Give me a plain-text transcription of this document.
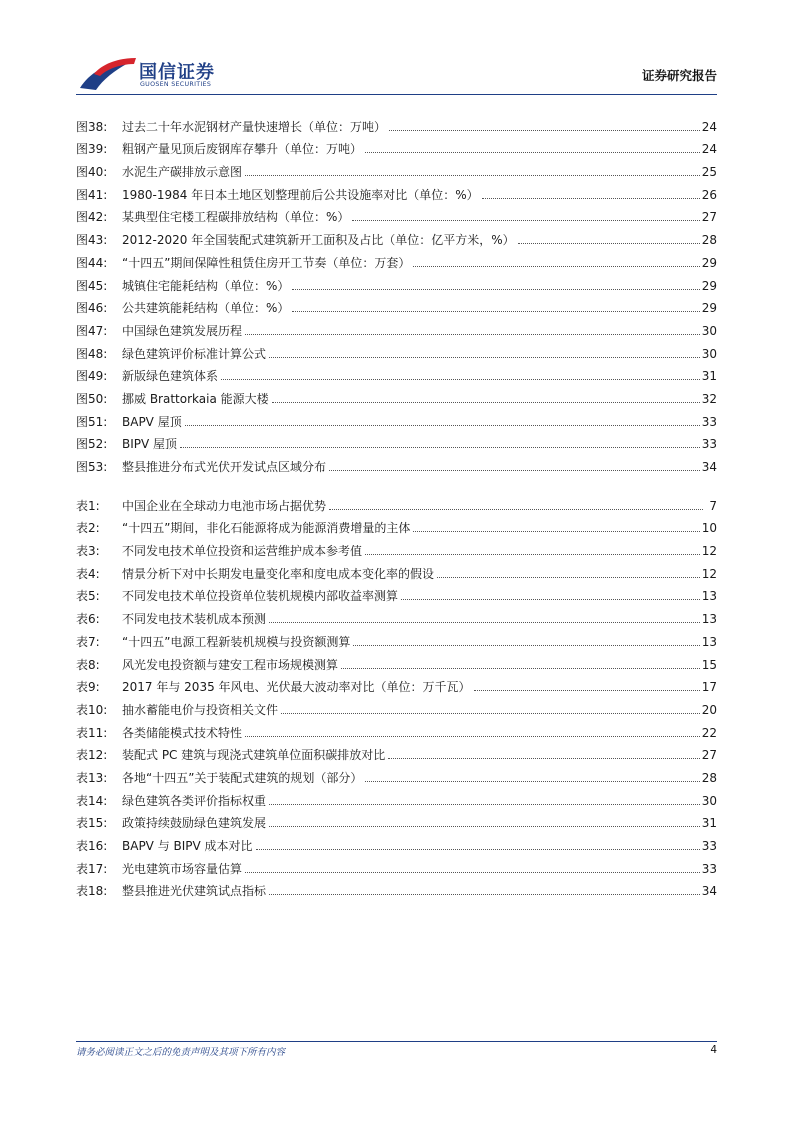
国信证券
GUOSEN SECURITIES
证券研究报告
图38:	过去二十年水泥钢材产量快速增长（单位：万吨）	24
图39:	粗钢产量见顶后废钢库存攀升（单位：万吨）	24
图40:	水泥生产碳排放示意图	25
图41:	1980-1984 年日本土地区划整理前后公共设施率对比（单位：%）	26
图42:	某典型住宅楼工程碳排放结构（单位：%）	27
图43:	2012-2020 年全国装配式建筑新开工面积及占比（单位：亿平方米，%）	28
图44:	“十四五”期间保障性租赁住房开工节奏（单位：万套）	29
图45:	城镇住宅能耗结构（单位：%）	29
图46:	公共建筑能耗结构（单位：%）	29
图47:	中国绿色建筑发展历程	30
图48:	绿色建筑评价标准计算公式	30
图49:	新版绿色建筑体系	31
图50:	挪威 Brattorkaia 能源大楼	32
图51:	BAPV 屋顶	33
图52:	BIPV 屋顶	33
图53:	整县推进分布式光伏开发试点区域分布	34
表1:	中国企业在全球动力电池市场占据优势	7
表2:	“十四五”期间，非化石能源将成为能源消费增量的主体	10
表3:	不同发电技术单位投资和运营维护成本参考值	12
表4:	情景分析下对中长期发电量变化率和度电成本变化率的假设	12
表5:	不同发电技术单位投资单位装机规模内部收益率测算	13
表6:	不同发电技术装机成本预测	13
表7:	“十四五”电源工程新装机规模与投资额测算	13
表8:	风光发电投资额与建安工程市场规模测算	15
表9:	2017 年与 2035 年风电、光伏最大波动率对比（单位：万千瓦）	17
表10:	抽水蓄能电价与投资相关文件	20
表11:	各类储能模式技术特性	22
表12:	装配式 PC 建筑与现浇式建筑单位面积碳排放对比	27
表13:	各地“十四五”关于装配式建筑的规划（部分）	28
表14:	绿色建筑各类评价指标权重	30
表15:	政策持续鼓励绿色建筑发展	31
表16:	BAPV 与 BIPV 成本对比	33
表17:	光电建筑市场容量估算	33
表18:	整县推进光伏建筑试点指标	34
请务必阅读正文之后的免责声明及其项下所有内容	4
